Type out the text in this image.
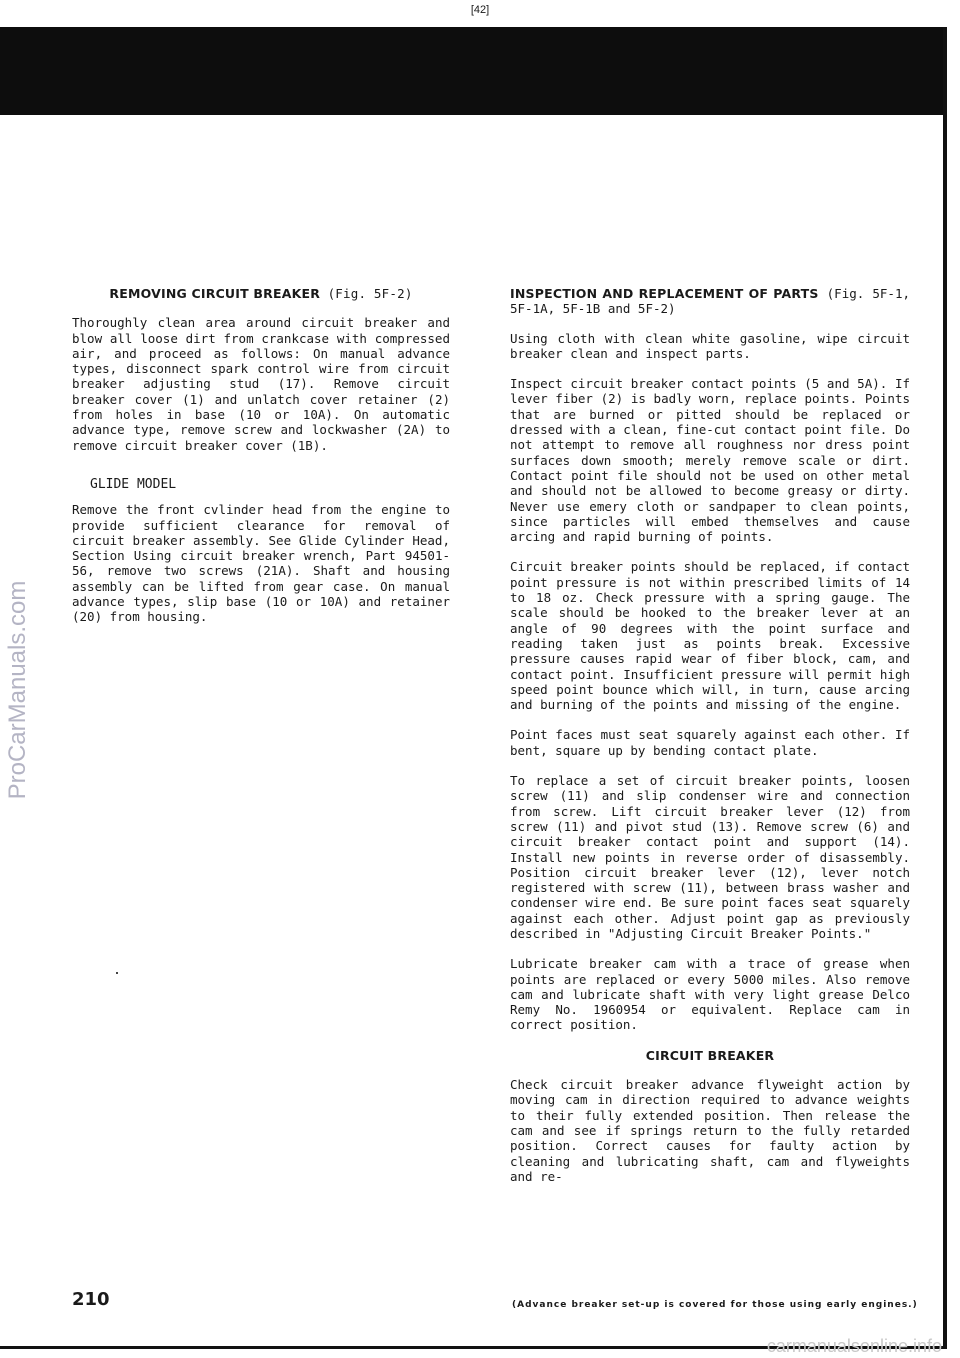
[42]
ProCarManuals.com

REMOVING CIRCUIT BREAKER (Fig. 5F-2)

Thoroughly clean area around circuit breaker and blow all loose dirt from crankcase with compressed air, and proceed as follows: On manual advance types, disconnect spark control wire from circuit breaker adjusting stud (17). Remove circuit breaker cover (1) and unlatch cover retainer (2) from holes in base (10 or 10A). On automatic advance type, remove screw and lockwasher (2A) to remove circuit breaker cover (1B).

GLIDE MODEL

Remove the front cvlinder head from the engine to provide sufficient clearance for removal of circuit breaker assembly. See Glide Cylinder Head, Section Using circuit breaker wrench, Part 94501-56, remove two screws (21A). Shaft and housing assembly can be lifted from gear case. On manual advance types, slip base (10 or 10A) and retainer (20) from housing.

INSPECTION AND REPLACEMENT OF PARTS (Fig. 5F-1, 5F-1A, 5F-1B and 5F-2)

Using cloth with clean white gasoline, wipe circuit breaker clean and inspect parts.

Inspect circuit breaker contact points (5 and 5A). If lever fiber (2) is badly worn, replace points. Points that are burned or pitted should be replaced or dressed with a clean, fine-cut contact point file. Do not attempt to remove all roughness nor dress point surfaces down smooth; merely remove scale or dirt. Contact point file should not be used on other metal and should not be allowed to become greasy or dirty. Never use emery cloth or sandpaper to clean points, since particles will embed themselves and cause arcing and rapid burning of points.

Circuit breaker points should be replaced, if contact point pressure is not within prescribed limits of 14 to 18 oz. Check pressure with a spring gauge. The scale should be hooked to the breaker lever at an angle of 90 degrees with the point surface and reading taken just as points break. Excessive pressure causes rapid wear of fiber block, cam, and contact point. Insufficient pressure will permit high speed point bounce which will, in turn, cause arcing and burning of the points and missing of the engine.

Point faces must seat squarely against each other. If bent, square up by bending contact plate.

To replace a set of circuit breaker points, loosen screw (11) and slip condenser wire and connection from screw. Lift circuit breaker lever (12) from screw (11) and pivot stud (13). Remove screw (6) and circuit breaker contact point and support (14). Install new points in reverse order of disassembly. Position circuit breaker lever (12), lever notch registered with screw (11), between brass washer and condenser wire end. Be sure point faces seat squarely against each other. Adjust point gap as previously described in "Adjusting Circuit Breaker Points."

Lubricate breaker cam with a trace of grease when points are replaced or every 5000 miles. Also remove cam and lubricate shaft with very light grease Delco Remy No. 1960954 or equivalent. Replace cam in correct position.

CIRCUIT BREAKER

Check circuit breaker advance flyweight action by moving cam in direction required to advance weights to their fully extended position. Then release the cam and see if springs return to the fully retarded position. Correct causes for faulty action by cleaning and lubricating shaft, cam and flyweights and re-

210	(Advance breaker set-up is covered for those using early engines.)
carmanualsonline.info
